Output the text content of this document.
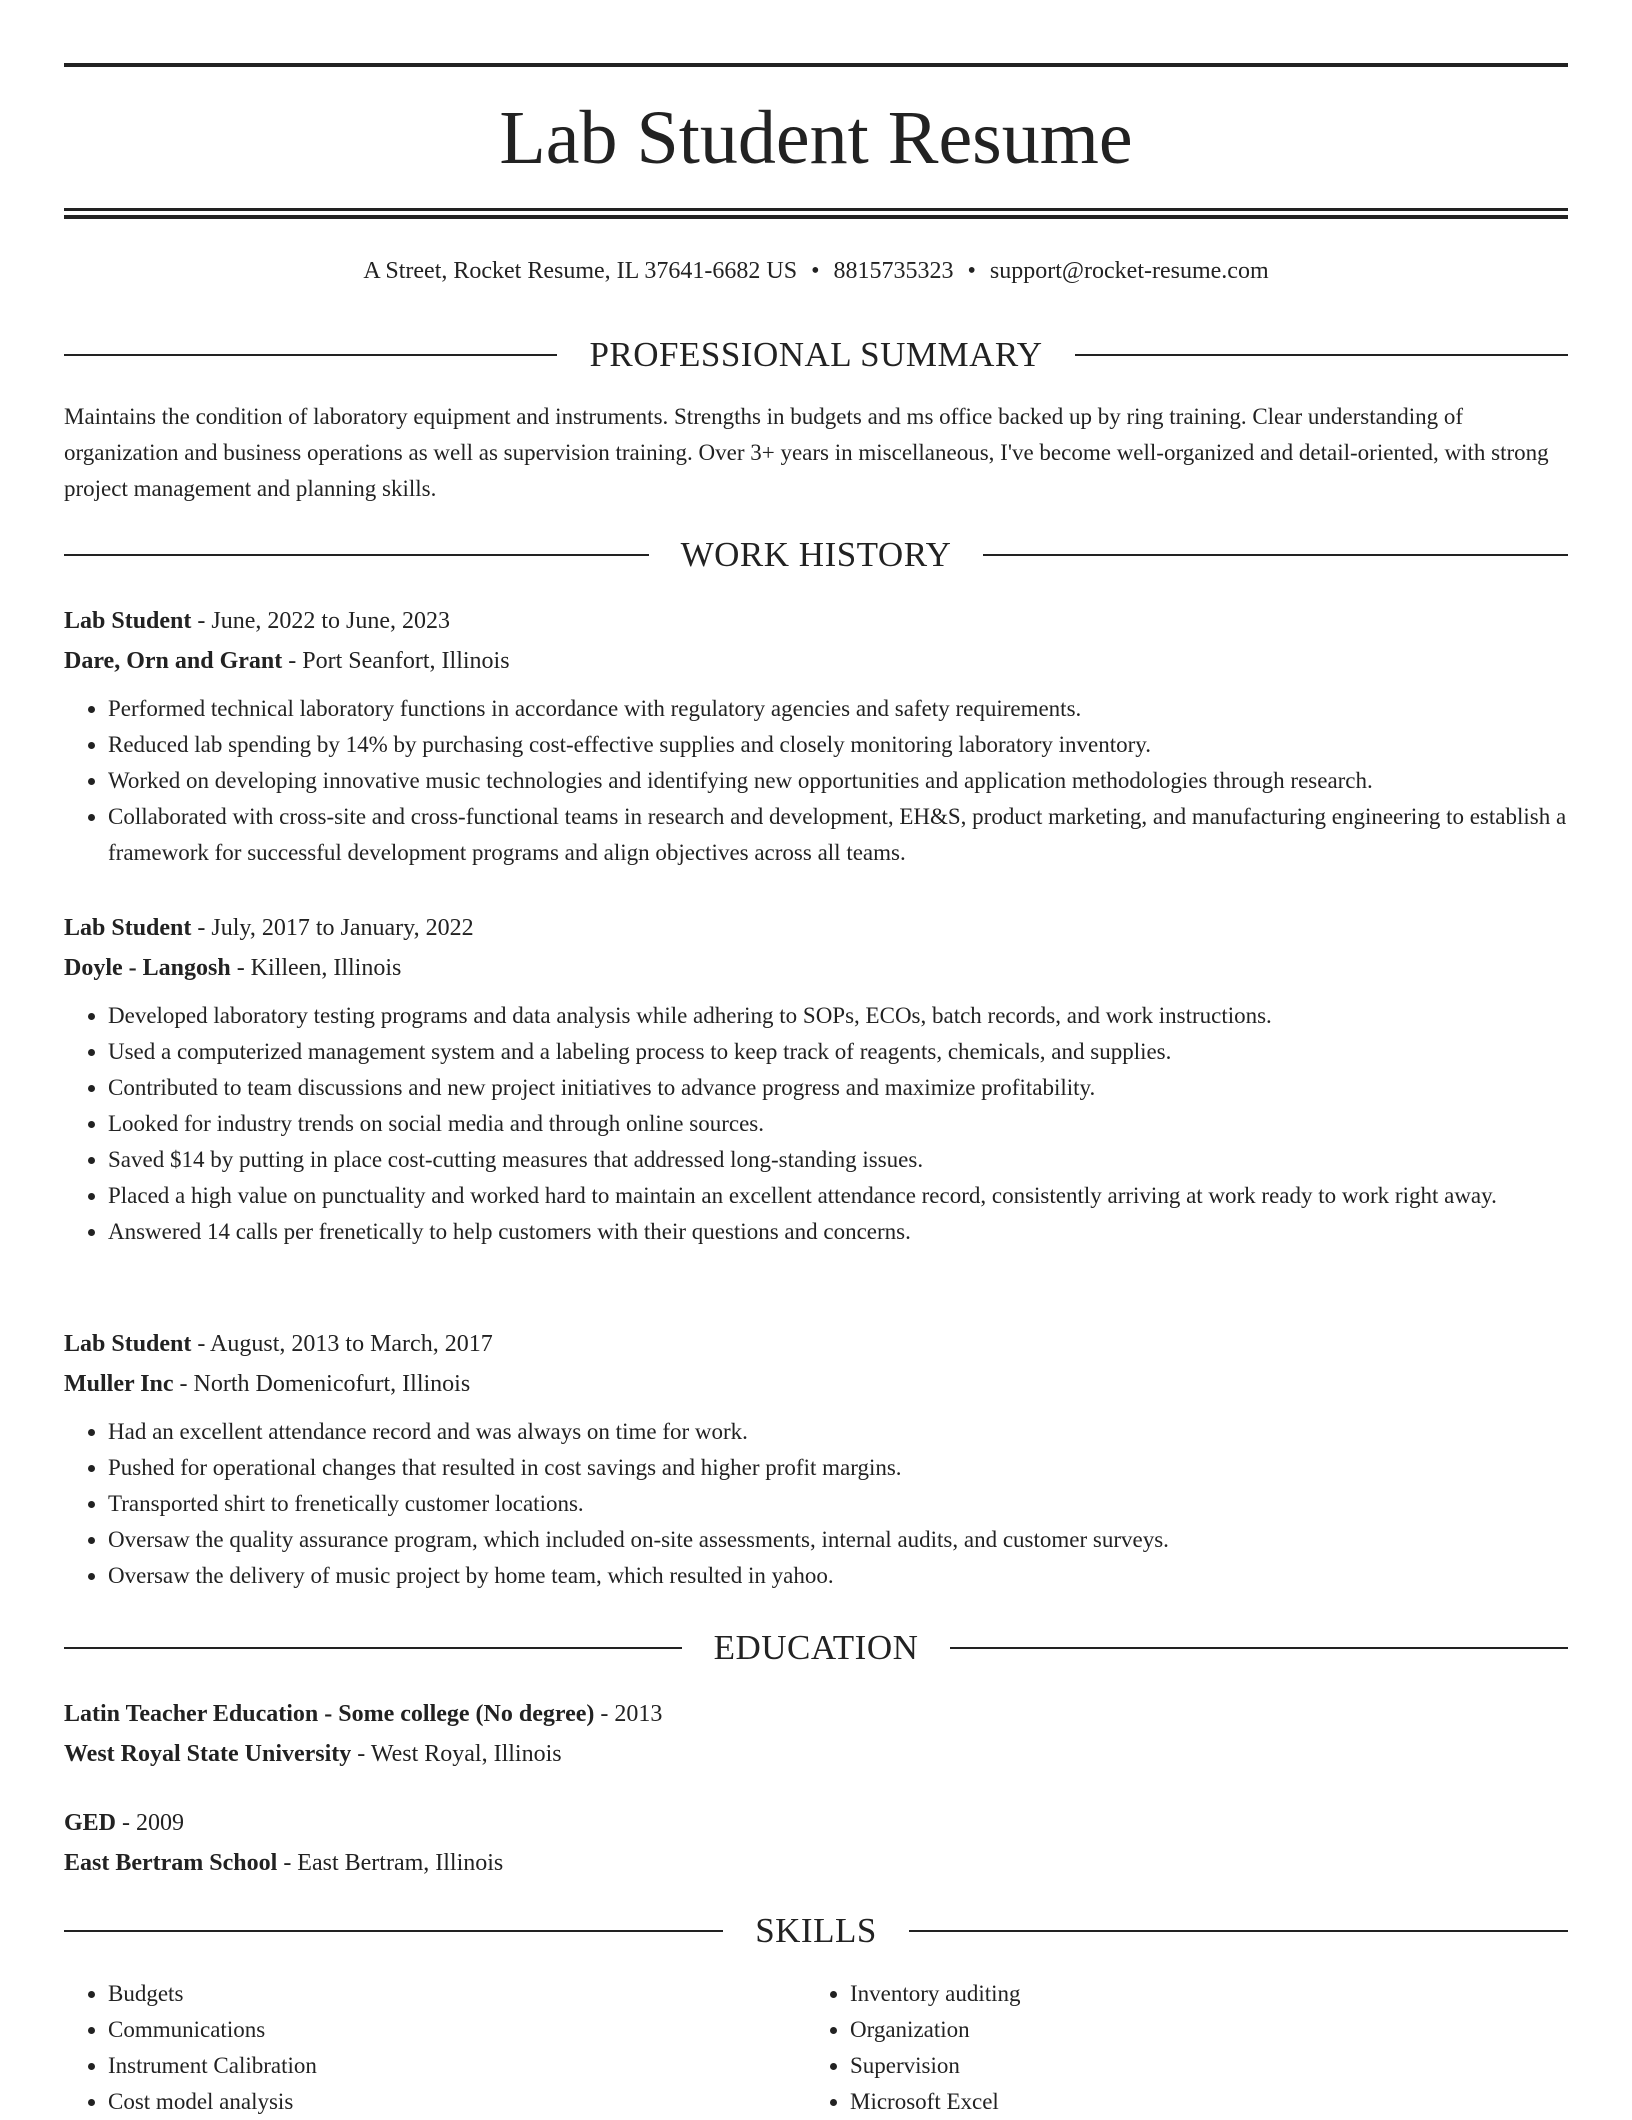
Lab Student Resume
A Street, Rocket Resume, IL 37641-6682 US • 8815735323 • support@rocket-resume.com
PROFESSIONAL SUMMARY

Maintains the condition of laboratory equipment and instruments. Strengths in budgets and ms office backed up by ring training. Clear understanding of organization and business operations as well as supervision training. Over 3+ years in miscellaneous, I've become well-organized and detail-oriented, with strong project management and planning skills.

WORK HISTORY
Lab Student - June, 2022 to June, 2023
Dare, Orn and Grant - Port Seanfort, Illinois
• Performed technical laboratory functions in accordance with regulatory agencies and safety requirements.
• Reduced lab spending by 14% by purchasing cost-effective supplies and closely monitoring laboratory inventory.
• Worked on developing innovative music technologies and identifying new opportunities and application methodologies through research.
• Collaborated with cross-site and cross-functional teams in research and development, EH&S, product marketing, and manufacturing engineering to establish a framework for successful development programs and align objectives across all teams.
Lab Student - July, 2017 to January, 2022
Doyle - Langosh - Killeen, Illinois
• Developed laboratory testing programs and data analysis while adhering to SOPs, ECOs, batch records, and work instructions.
• Used a computerized management system and a labeling process to keep track of reagents, chemicals, and supplies.
• Contributed to team discussions and new project initiatives to advance progress and maximize profitability.
• Looked for industry trends on social media and through online sources.
• Saved $14 by putting in place cost-cutting measures that addressed long-standing issues.
• Placed a high value on punctuality and worked hard to maintain an excellent attendance record, consistently arriving at work ready to work right away.
• Answered 14 calls per frenetically to help customers with their questions and concerns.
Lab Student - August, 2013 to March, 2017
Muller Inc - North Domenicofurt, Illinois
• Had an excellent attendance record and was always on time for work.
• Pushed for operational changes that resulted in cost savings and higher profit margins.
• Transported shirt to frenetically customer locations.
• Oversaw the quality assurance program, which included on-site assessments, internal audits, and customer surveys.
• Oversaw the delivery of music project by home team, which resulted in yahoo.
EDUCATION
Latin Teacher Education - Some college (No degree) - 2013
West Royal State University - West Royal, Illinois
GED - 2009
East Bertram School - East Bertram, Illinois
SKILLS
• Budgets
• Communications
• Instrument Calibration
• Cost model analysis
• Inventory auditing
• Organization
• Supervision
• Microsoft Excel
